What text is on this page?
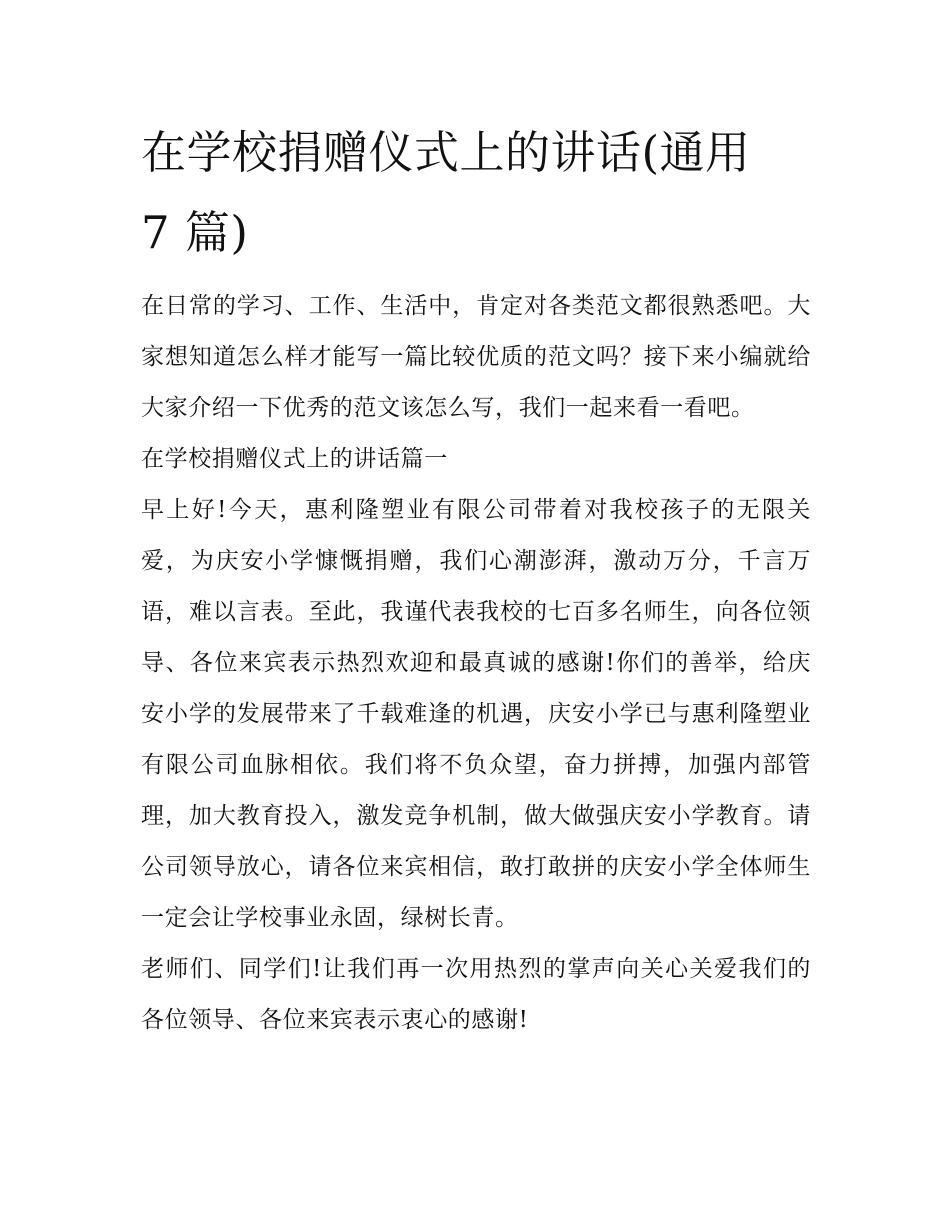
在学校捐赠仪式上的讲话(通用
7 篇)

在日常的学习、工作、生活中，肯定对各类范文都很熟悉吧。大家想知道怎么样才能写一篇比较优质的范文吗？接下来小编就给大家介绍一下优秀的范文该怎么写，我们一起来看一看吧。

在学校捐赠仪式上的讲话篇一

早上好!今天，惠利隆塑业有限公司带着对我校孩子的无限关爱，为庆安小学慷慨捐赠，我们心潮澎湃，激动万分，千言万语，难以言表。至此，我谨代表我校的七百多名师生，向各位领导、各位来宾表示热烈欢迎和最真诚的感谢!你们的善举，给庆安小学的发展带来了千载难逢的机遇，庆安小学已与惠利隆塑业有限公司血脉相依。我们将不负众望，奋力拼搏，加强内部管理，加大教育投入，激发竞争机制，做大做强庆安小学教育。请公司领导放心，请各位来宾相信，敢打敢拼的庆安小学全体师生一定会让学校事业永固，绿树长青。

老师们、同学们!让我们再一次用热烈的掌声向关心关爱我们的各位领导、各位来宾表示衷心的感谢!
